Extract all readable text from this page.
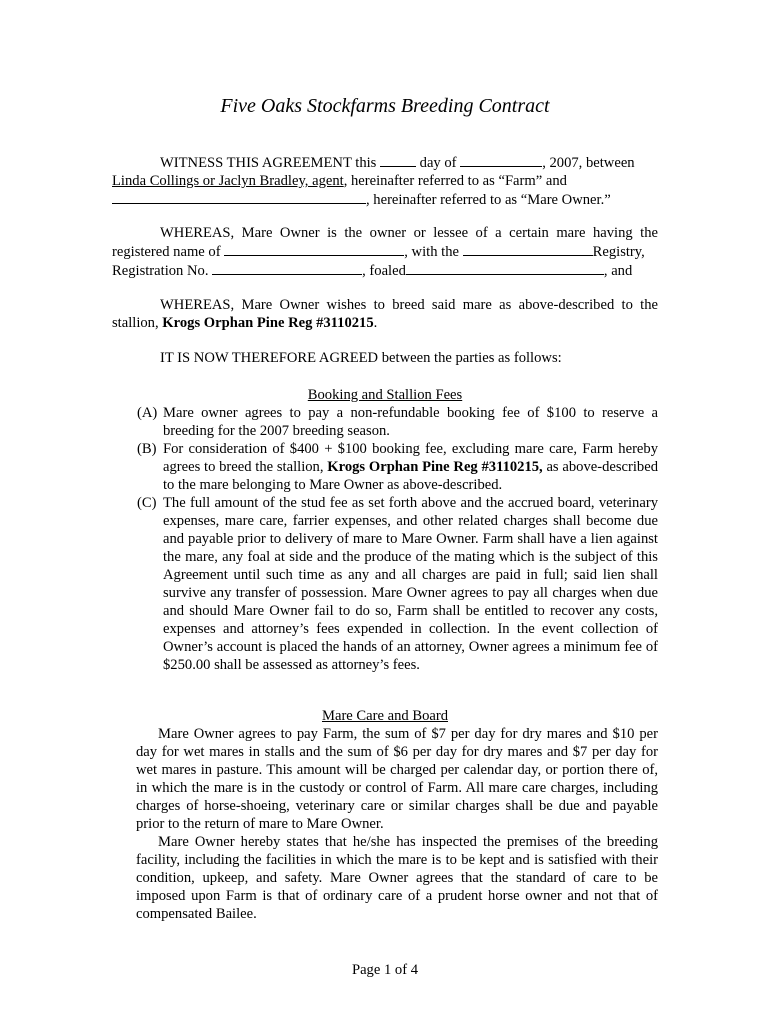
Five Oaks Stockfarms Breeding Contract
WITNESS THIS AGREEMENT this  day of	, 2007, between
Linda Collings or Jaclyn Bradley, agent, hereinafter referred to as “Farm” and
, hereinafter referred to as “Mare Owner.”
WHEREAS, Mare Owner is the owner or lessee of a certain mare having the
registered name of	, with the	Registry,
Registration No.	, foaled	, and
WHEREAS, Mare Owner wishes to breed said mare as above-described to the
stallion, Krogs Orphan Pine Reg #3110215.
IT IS NOW THEREFORE AGREED between the parties as follows:
Booking and Stallion Fees
(A) Mare owner agrees to pay a non-refundable booking fee of $100 to reserve a breeding for the 2007 breeding season.
(B) For consideration of $400 + $100 booking fee, excluding mare care, Farm hereby agrees to breed the stallion, Krogs Orphan Pine Reg #3110215, as above-described to the mare belonging to Mare Owner as above-described.
(C) The full amount of the stud fee as set forth above and the accrued board, veterinary expenses, mare care, farrier expenses, and other related charges shall become due and payable prior to delivery of mare to Mare Owner. Farm shall have a lien against the mare, any foal at side and the produce of the mating which is the subject of this Agreement until such time as any and all charges are paid in full; said lien shall survive any transfer of possession. Mare Owner agrees to pay all charges when due and should Mare Owner fail to do so, Farm shall be entitled to recover any costs, expenses and attorney’s fees expended in collection. In the event collection of Owner’s account is placed the hands of an attorney, Owner agrees a minimum fee of $250.00 shall be assessed as attorney’s fees.
Mare Care and Board

Mare Owner agrees to pay Farm, the sum of $7 per day for dry mares and $10 per day for wet mares in stalls and the sum of $6 per day for dry mares and $7 per day for wet mares in pasture. This amount will be charged per calendar day, or portion there of, in which the mare is in the custody or control of Farm. All mare care charges, including charges of horse-shoeing, veterinary care or similar charges shall be due and payable prior to the return of mare to Mare Owner.

Mare Owner hereby states that he/she has inspected the premises of the breeding facility, including the facilities in which the mare is to be kept and is satisfied with their condition, upkeep, and safety. Mare Owner agrees that the standard of care to be imposed upon Farm is that of ordinary care of a prudent horse owner and not that of compensated Bailee.

Page 1 of 4
